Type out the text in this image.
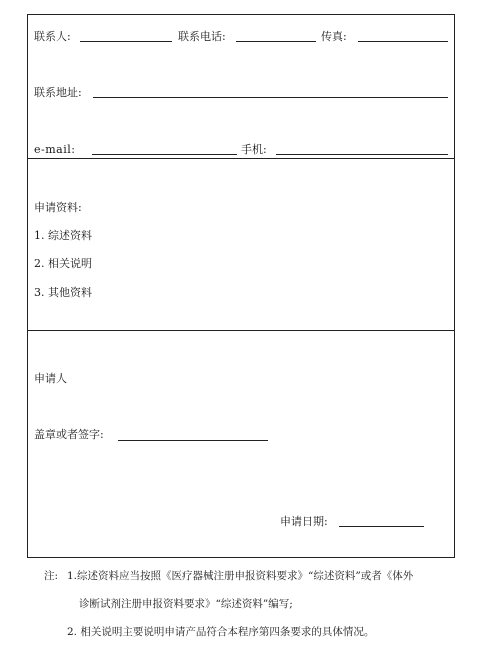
联系人:	联系电话:	传真:
联系地址:
e-mail:	手机:
申请资料:
1. 综述资料
2. 相关说明
3. 其他资料
申请人
盖章或者签字:
申请日期:
注: 1.综述资料应当按照《医疗器械注册申报资料要求》“综述资料”或者《体外
诊断试剂注册申报资料要求》“综述资料”编写;
2. 相关说明主要说明申请产品符合本程序第四条要求的具体情况。
